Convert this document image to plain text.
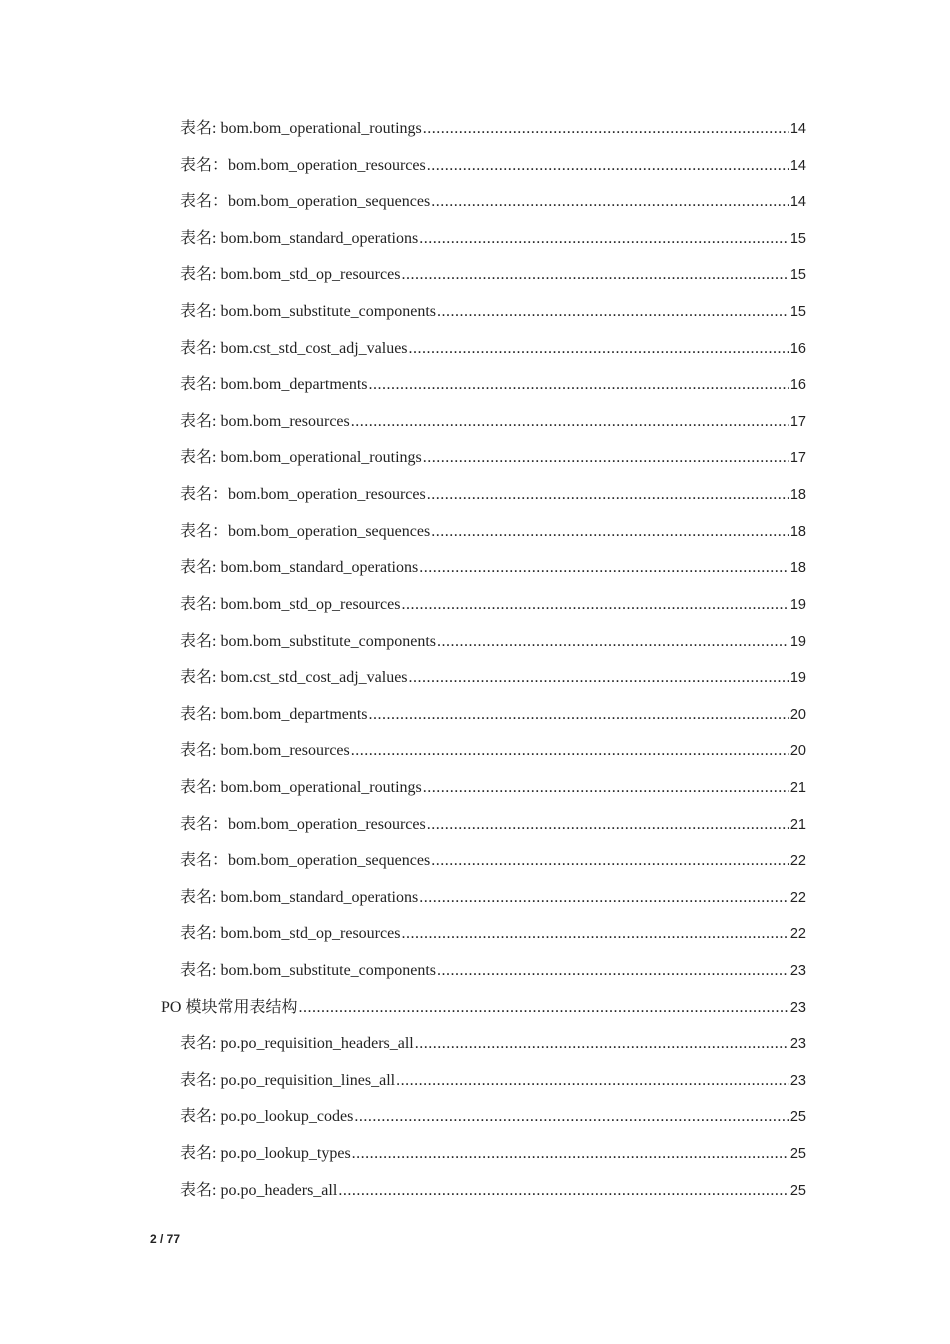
表名: bom.bom_operational_routings .....	14
表名：bom.bom_operation_resources .....	14
表名：bom.bom_operation_sequences .....	14
表名: bom.bom_standard_operations .....	15
表名: bom.bom_std_op_resources .....	15
表名: bom.bom_substitute_components .....	15
表名: bom.cst_std_cost_adj_values .....	16
表名: bom.bom_departments .....	16
表名: bom.bom_resources .....	17
表名: bom.bom_operational_routings .....	17
表名：bom.bom_operation_resources .....	18
表名：bom.bom_operation_sequences .....	18
表名: bom.bom_standard_operations .....	18
表名: bom.bom_std_op_resources .....	19
表名: bom.bom_substitute_components .....	19
表名: bom.cst_std_cost_adj_values .....	19
表名: bom.bom_departments .....	20
表名: bom.bom_resources .....	20
表名: bom.bom_operational_routings .....	21
表名：bom.bom_operation_resources .....	21
表名：bom.bom_operation_sequences .....	22
表名: bom.bom_standard_operations .....	22
表名: bom.bom_std_op_resources .....	22
表名: bom.bom_substitute_components .....	23
PO 模块常用表结构 .....	23
表名: po.po_requisition_headers_all .....	23
表名: po.po_requisition_lines_all .....	23
表名: po.po_lookup_codes .....	25
表名: po.po_lookup_types .....	25
表名: po.po_headers_all .....	25
2 / 77
